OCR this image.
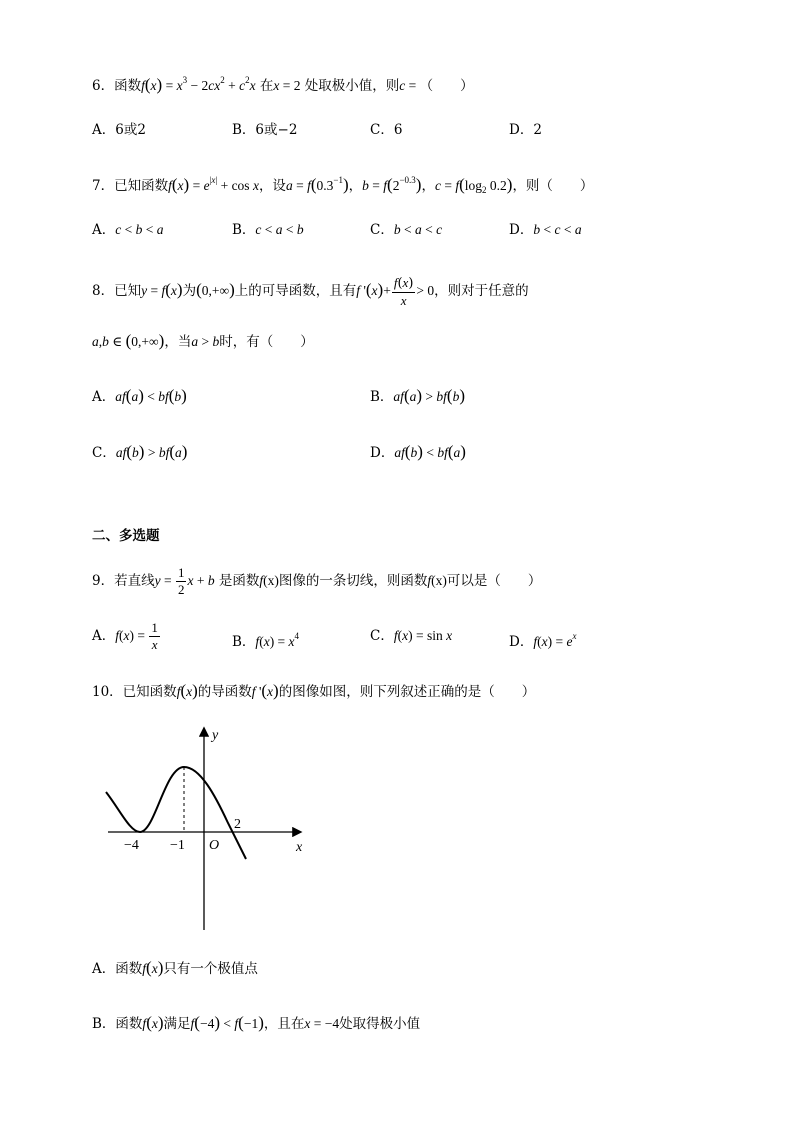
6．函数$f(x) = x^3 - 2cx^2 + c^2x$ 在x = 2 处取极小值，则c = （　　）
A．6或2	B．6或−2	C．6	D．2
7．已知函数$f(x) = e^{|x|} + \cos x$，设$a = f(0.3^{-1})$，$b = f(2^{-0.3})$，$c = f(\log_2$ 0.2)，则（　　）
A．c < b < a	B．c < a < b	C．b < a < c	D．b < c < a
8．已知y = f(x)为(0,+∞)上的可导函数，且有f '$(x)+ \frac{f(x)}{x} > 0$，则对于任意的
a,b ∈ (0,+∞)，当a > b时，有（　　）
A．af(a) < bf(b)	B．af(a) > bf(b)
C．af(b) > bf(a)	D．af(b) < bf(a)
二、多选题
9．若直线$y = \frac{1}{2}$ x + b 是函数f(x)图像的一条切线，则函数f(x)可以是（　　）
A．$f(x) = \frac{1}{x}$	B．$f(x) = x^4$	C．f(x) = sin x	D．$f(x) = e^x$
10．已知函数f(x)的导函数f '(x)的图像如图，则下列叙述正确的是（　　）
y
x
O
−4 −1
2
A．函数f(x)只有一个极值点
B．函数f(x)满足f(−4) < f(−1)，且在x = −4处取得极小值
